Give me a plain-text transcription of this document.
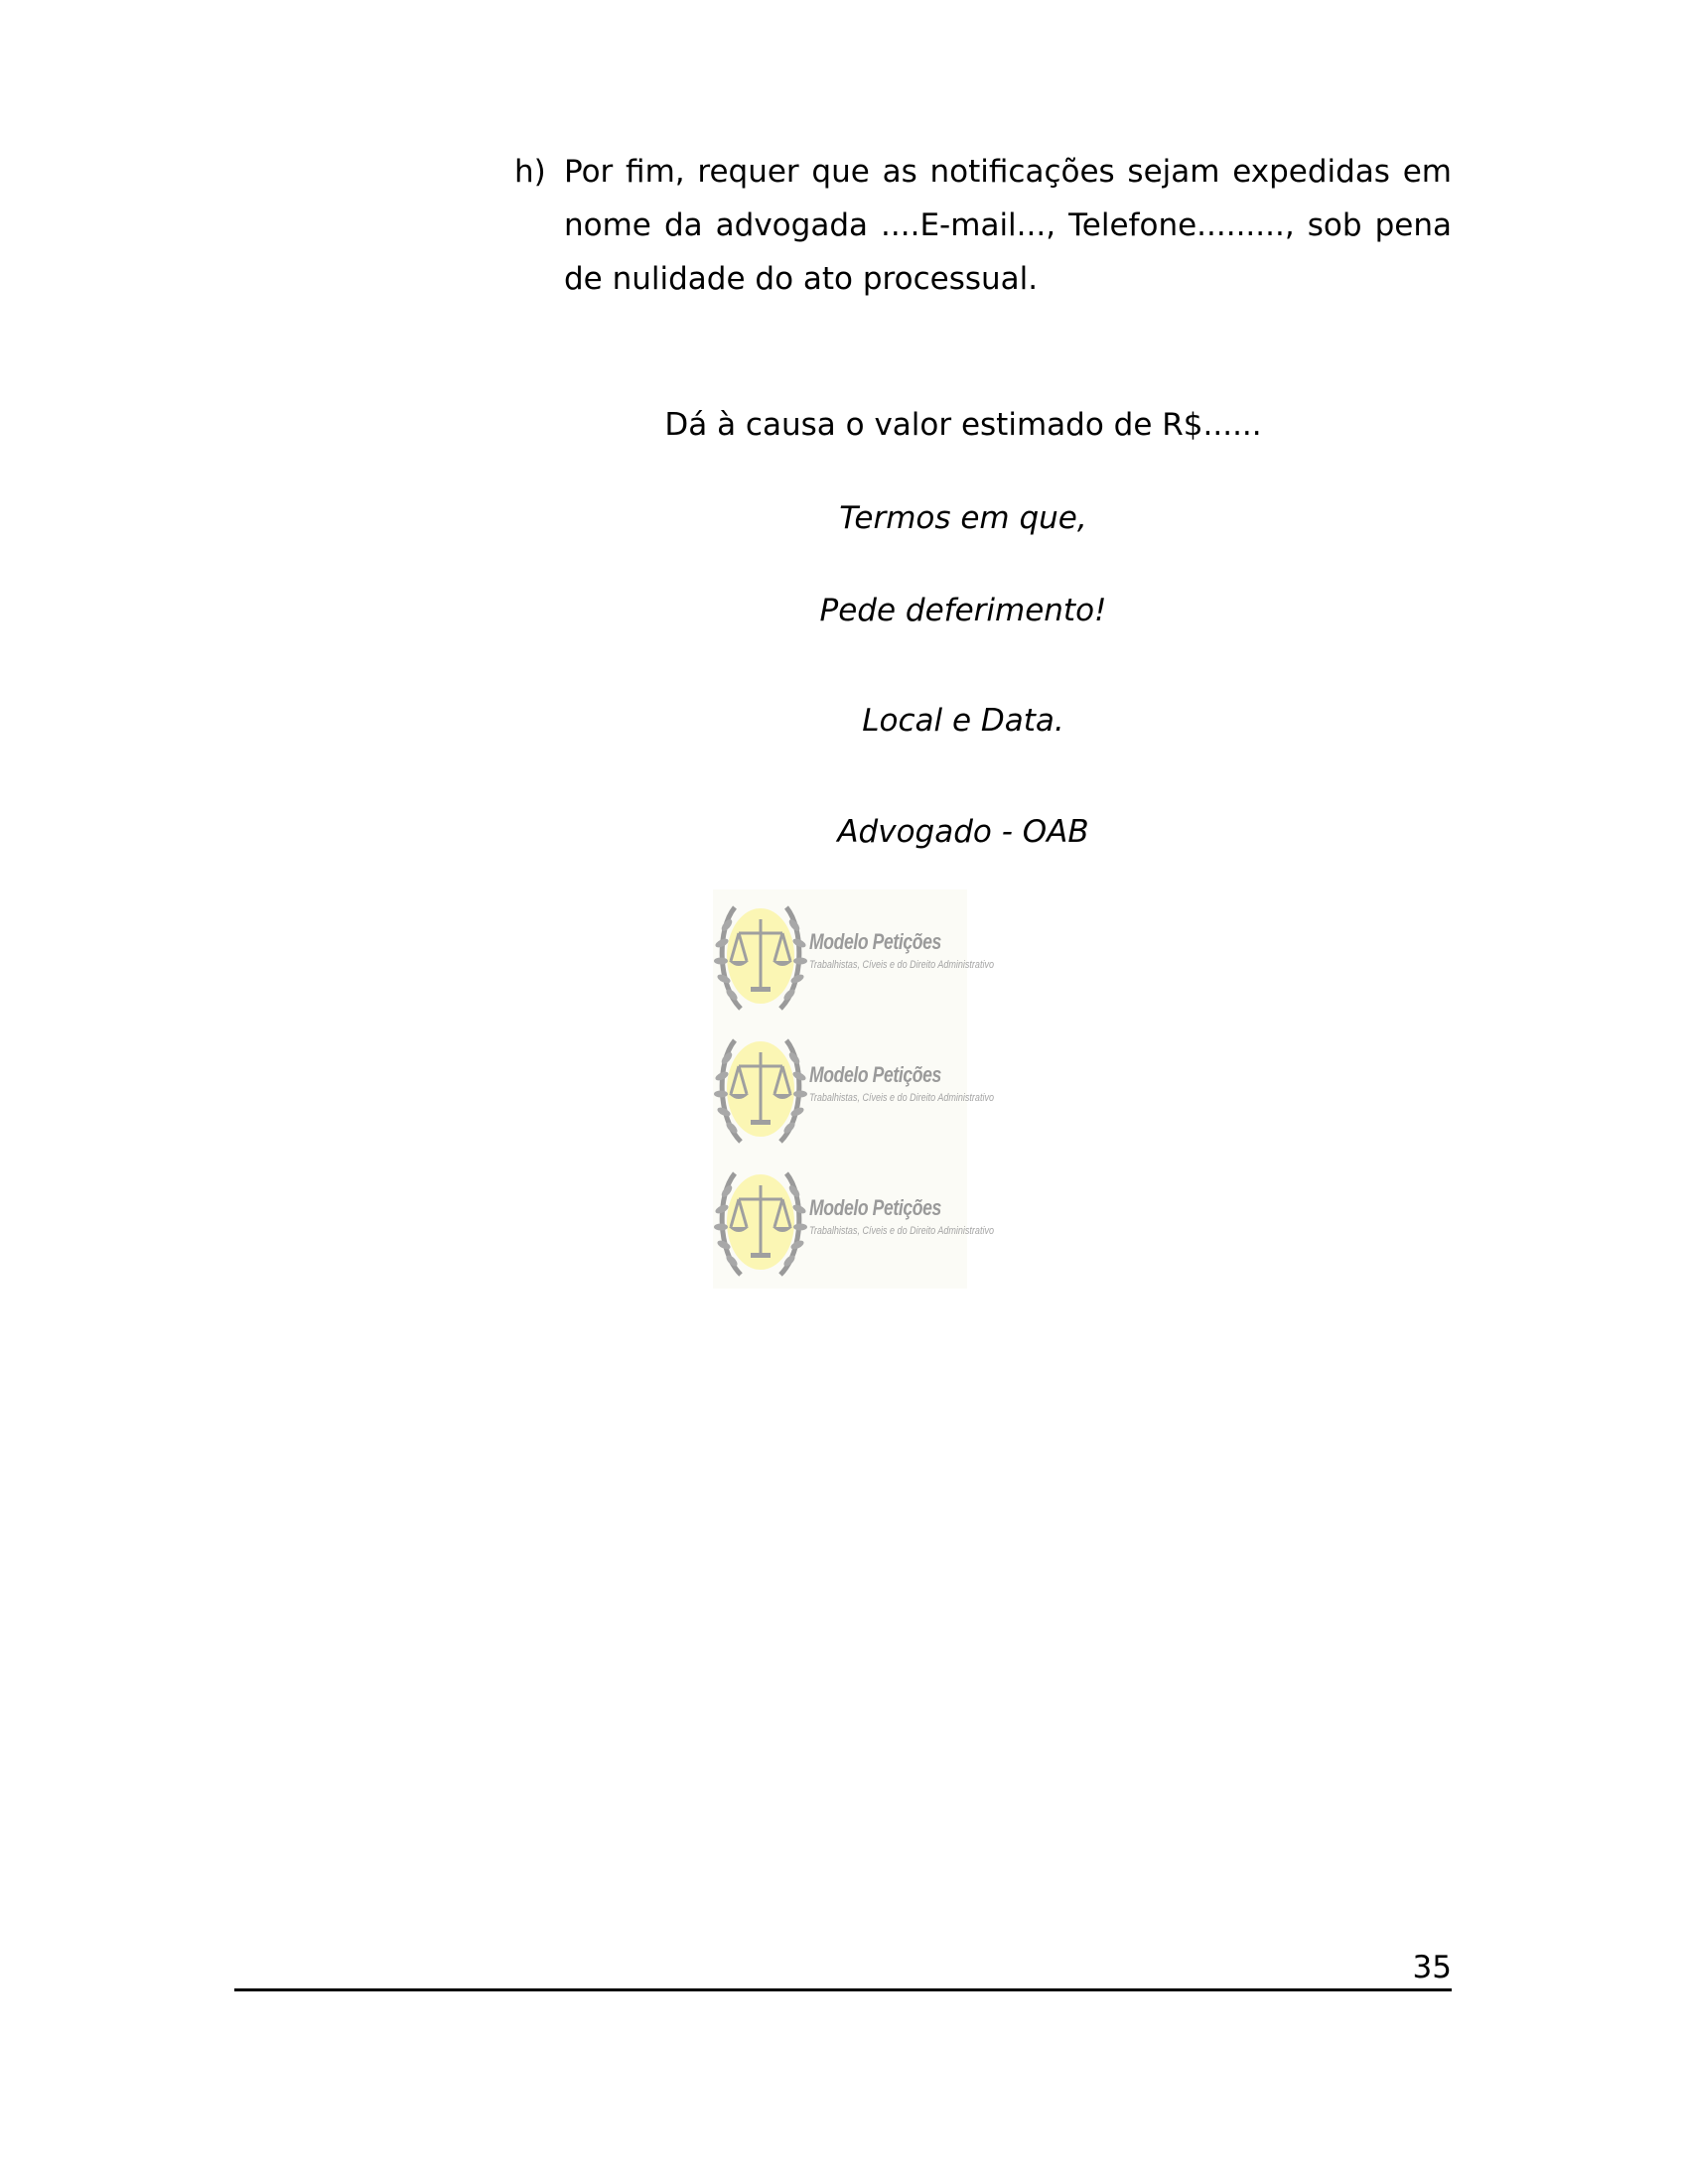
h) Por fim, requer que as notificações sejam expedidas em nome da advogada ....E-mail..., Telefone........., sob pena de nulidade do ato processual.
Dá à causa o valor estimado de R$......
Termos em que,
Pede deferimento!
Local e Data.
Advogado - OAB
Modelo Petições
Trabalhistas, Cíveis e do Direito Administrativo
Modelo Petições
Trabalhistas, Cíveis e do Direito Administrativo
Modelo Petições
Trabalhistas, Cíveis e do Direito Administrativo
35
